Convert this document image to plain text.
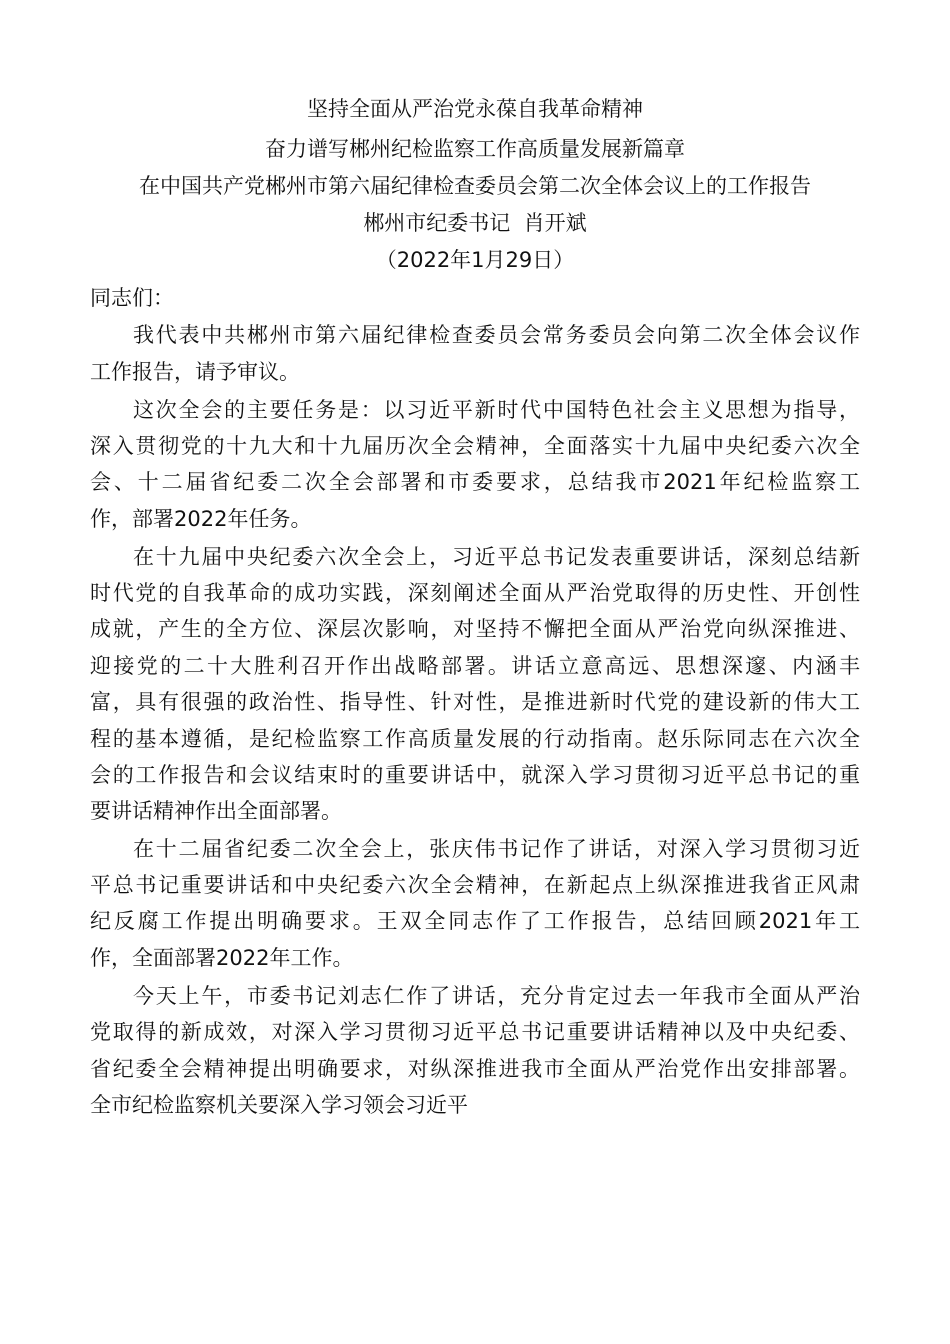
坚持全面从严治党永葆自我革命精神
奋力谱写郴州纪检监察工作高质量发展新篇章
在中国共产党郴州市第六届纪律检查委员会第二次全体会议上的工作报告
郴州市纪委书记  肖开斌
（2022年1月29日）
同志们：
我代表中共郴州市第六届纪律检查委员会常务委员会向第二次全体会议作
工作报告，请予审议。
这次全会的主要任务是：以习近平新时代中国特色社会主义思想为指导，
深入贯彻党的十九大和十九届历次全会精神，全面落实十九届中央纪委六次全
会、十二届省纪委二次全会部署和市委要求，总结我市2021年纪检监察工
作，部署2022年任务。
在十九届中央纪委六次全会上，习近平总书记发表重要讲话，深刻总结新
时代党的自我革命的成功实践，深刻阐述全面从严治党取得的历史性、开创性
成就，产生的全方位、深层次影响，对坚持不懈把全面从严治党向纵深推进、
迎接党的二十大胜利召开作出战略部署。讲话立意高远、思想深邃、内涵丰
富，具有很强的政治性、指导性、针对性，是推进新时代党的建设新的伟大工
程的基本遵循，是纪检监察工作高质量发展的行动指南。赵乐际同志在六次全
会的工作报告和会议结束时的重要讲话中，就深入学习贯彻习近平总书记的重
要讲话精神作出全面部署。
在十二届省纪委二次全会上，张庆伟书记作了讲话，对深入学习贯彻习近
平总书记重要讲话和中央纪委六次全会精神，在新起点上纵深推进我省正风肃
纪反腐工作提出明确要求。王双全同志作了工作报告，总结回顾2021年工
作，全面部署2022年工作。
今天上午，市委书记刘志仁作了讲话，充分肯定过去一年我市全面从严治
党取得的新成效，对深入学习贯彻习近平总书记重要讲话精神以及中央纪委、
省纪委全会精神提出明确要求，对纵深推进我市全面从严治党作出安排部署。
全市纪检监察机关要深入学习领会习近平
